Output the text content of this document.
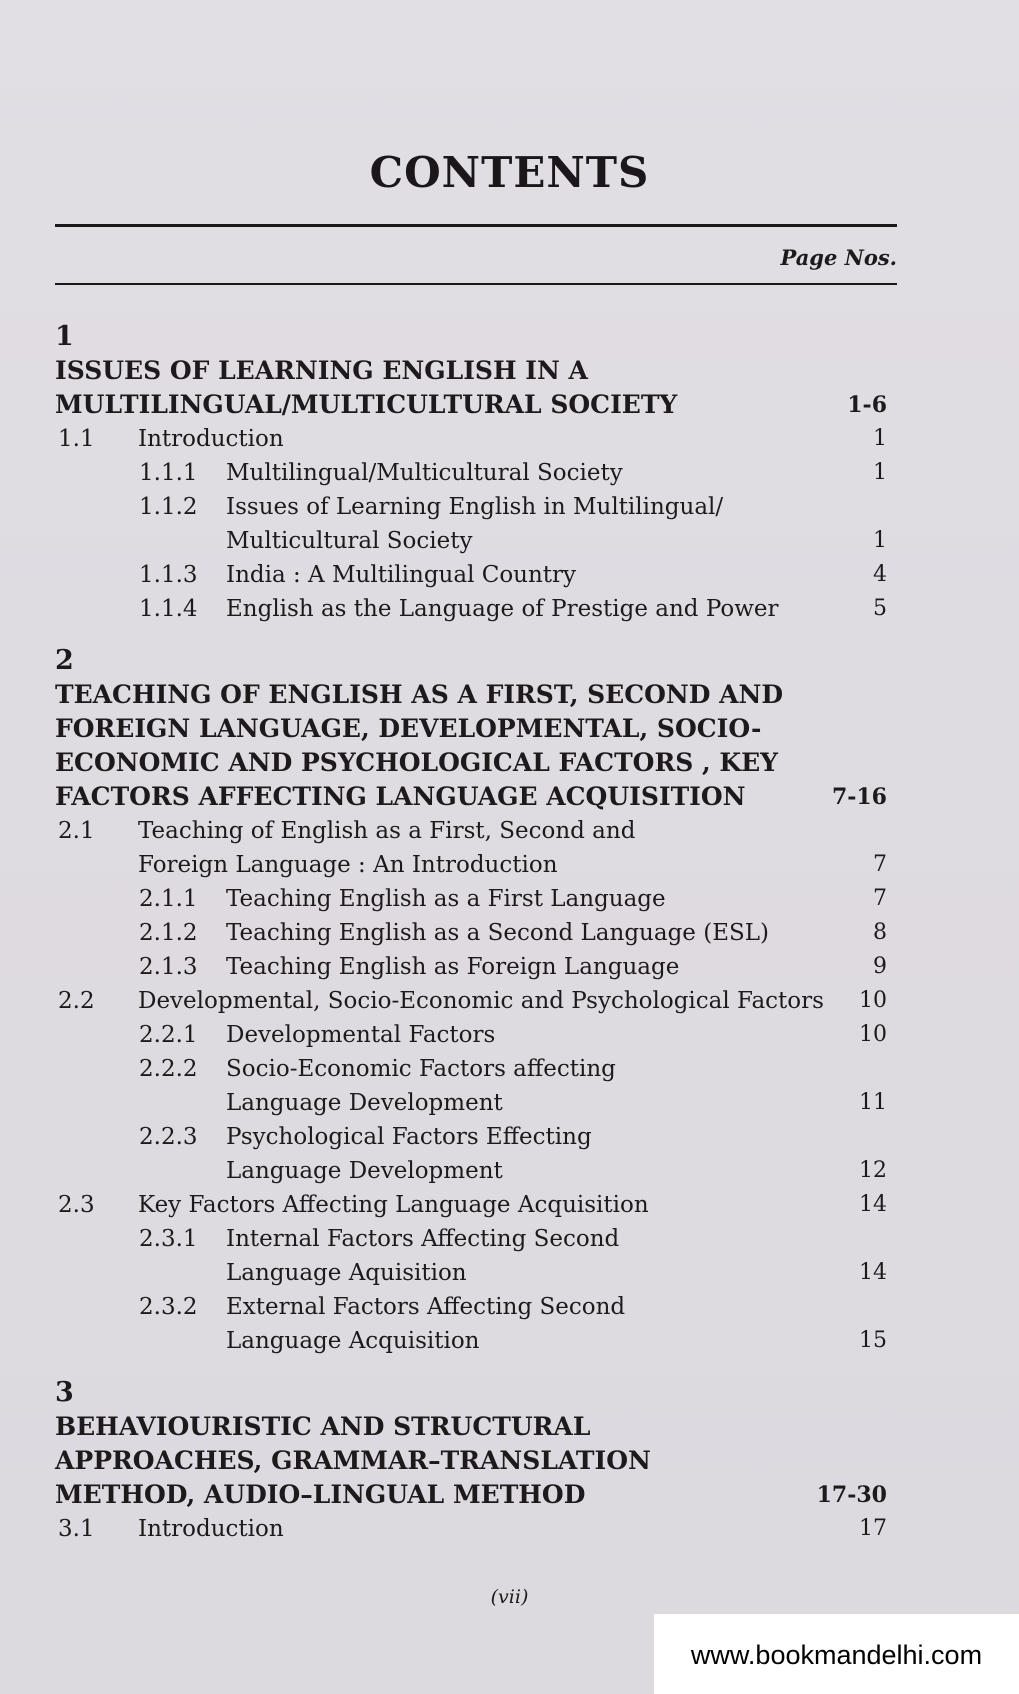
CONTENTS
Page Nos.
1
ISSUES OF LEARNING ENGLISH IN A
MULTILINGUAL/MULTICULTURAL SOCIETY	1-6
1.1 Introduction	1
1.1.1 Multilingual/Multicultural Society	1
1.1.2 Issues of Learning English in Multilingual/
Multicultural Society	1
1.1.3 India : A Multilingual Country	4
1.1.4 English as the Language of Prestige and Power	5
2
TEACHING OF ENGLISH AS A FIRST, SECOND AND
FOREIGN LANGUAGE, DEVELOPMENTAL, SOCIO-
ECONOMIC AND PSYCHOLOGICAL FACTORS , KEY
FACTORS AFFECTING LANGUAGE ACQUISITION	7-16
2.1 Teaching of English as a First, Second and
Foreign Language : An Introduction	7
2.1.1 Teaching English as a First Language	7
2.1.2 Teaching English as a Second Language (ESL)	8
2.1.3 Teaching English as Foreign Language	9
2.2 Developmental, Socio-Economic and Psychological Factors	10
2.2.1 Developmental Factors	10
2.2.2 Socio-Economic Factors affecting
Language Development	11
2.2.3 Psychological Factors Effecting
Language Development	12
2.3 Key Factors Affecting Language Acquisition	14
2.3.1 Internal Factors Affecting Second
Language Aquisition	14
2.3.2 External Factors Affecting Second
Language Acquisition	15
3
BEHAVIOURISTIC AND STRUCTURAL
APPROACHES, GRAMMAR–TRANSLATION
METHOD, AUDIO–LINGUAL METHOD	17-30
3.1 Introduction	17
(vii)
www.bookmandelhi.com
